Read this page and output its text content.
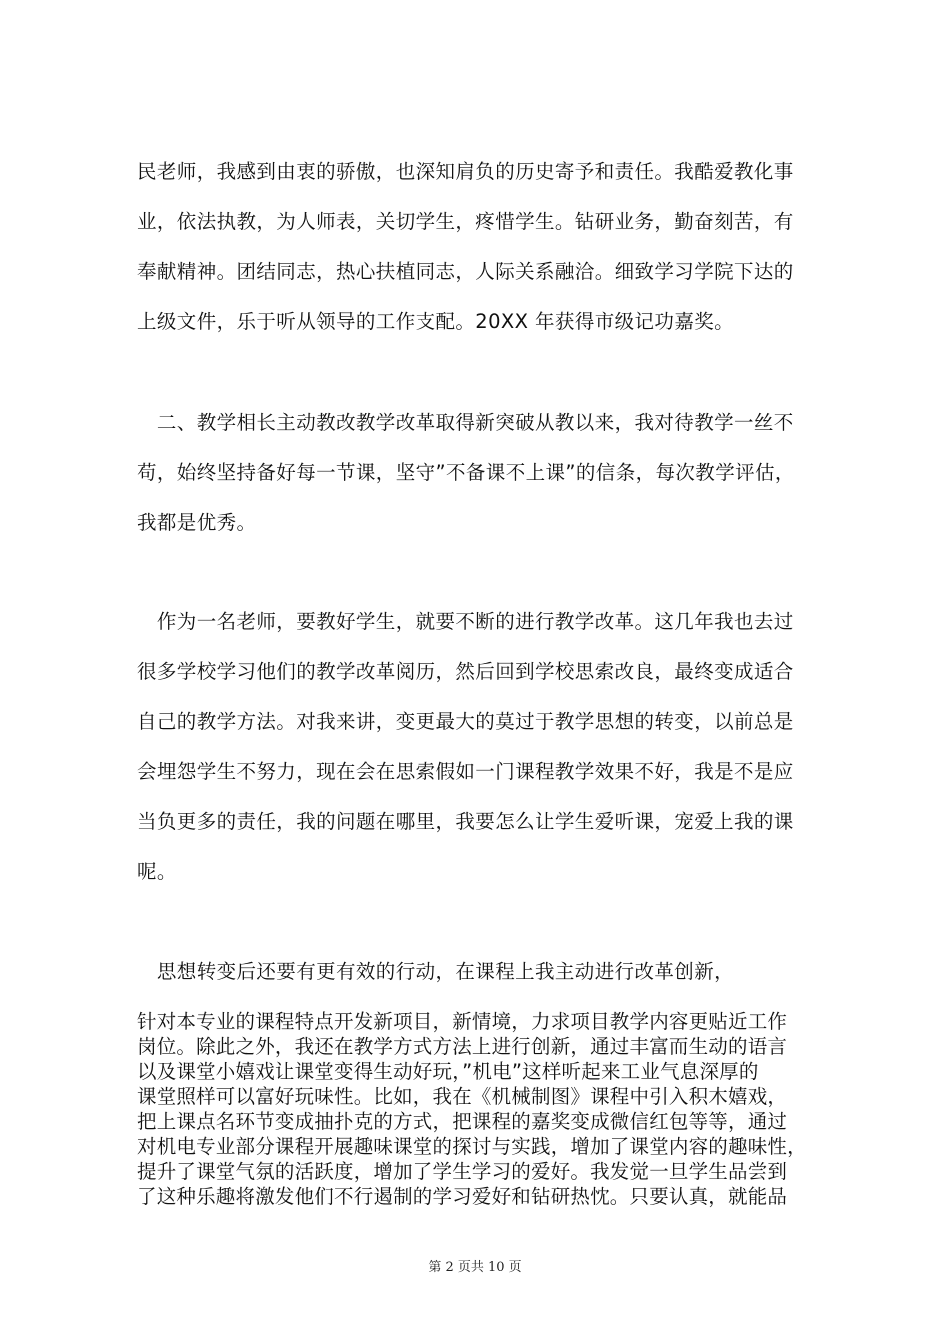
民老师，我感到由衷的骄傲，也深知肩负的历史寄予和责任。我酷爱教化事
业，依法执教，为人师表，关切学生，疼惜学生。钻研业务，勤奋刻苦，有
奉献精神。团结同志，热心扶植同志，人际关系融洽。细致学习学院下达的
上级文件，乐于听从领导的工作支配。20XX 年获得市级记功嘉奖。
　二、教学相长主动教改教学改革取得新突破从教以来，我对待教学一丝不
苟，始终坚持备好每一节课，坚守”不备课不上课”的信条，每次教学评估，
我都是优秀。
　作为一名老师，要教好学生，就要不断的进行教学改革。这几年我也去过
很多学校学习他们的教学改革阅历，然后回到学校思索改良，最终变成适合
自己的教学方法。对我来讲，变更最大的莫过于教学思想的转变，以前总是
会埋怨学生不努力，现在会在思索假如一门课程教学效果不好，我是不是应
当负更多的责任，我的问题在哪里，我要怎么让学生爱听课，宠爱上我的课
呢。
　思想转变后还要有更有效的行动，在课程上我主动进行改革创新，
针对本专业的课程特点开发新项目，新情境，力求项目教学内容更贴近工作
岗位。除此之外，我还在教学方式方法上进行创新，通过丰富而生动的语言
以及课堂小嬉戏让课堂变得生动好玩，”机电”这样听起来工业气息深厚的
课堂照样可以富好玩味性。比如，我在《机械制图》课程中引入积木嬉戏，
把上课点名环节变成抽扑克的方式，把课程的嘉奖变成微信红包等等，通过
对机电专业部分课程开展趣味课堂的探讨与实践，增加了课堂内容的趣味性，
提升了课堂气氛的活跃度，增加了学生学习的爱好。我发觉一旦学生品尝到
了这种乐趣将激发他们不行遏制的学习爱好和钻研热忱。只要认真，就能品
第 2 页共 10 页
